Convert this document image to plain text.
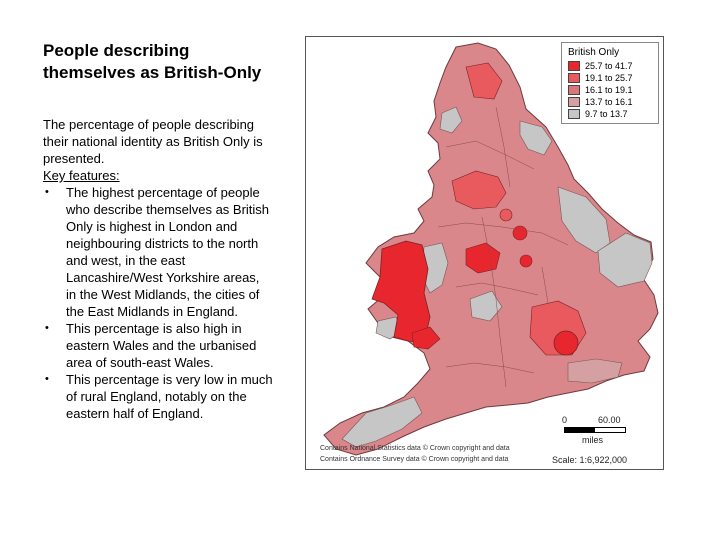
People describing themselves as British-Only
The percentage of people describing their national identity as British Only is presented.
Key features:
• The highest percentage of people who describe themselves as British Only is highest in London and neighbouring districts to the north and west, in the east Lancashire/West Yorkshire areas, in the West Midlands, the cities of the East Midlands in England.
• This percentage is also high in eastern Wales and the urbanised area of south-east Wales.
• This percentage is very low in much of rural England, notably on the eastern half of England.
British Only
25.7 to 41.7
19.1 to 25.7
16.1 to 19.1
13.7 to 16.1
9.7 to 13.7
0	60.00
miles
Scale: 1:6,922,000
Contains National Statistics data © Crown copyright and data
Contains Ordnance Survey data © Crown copyright and data
